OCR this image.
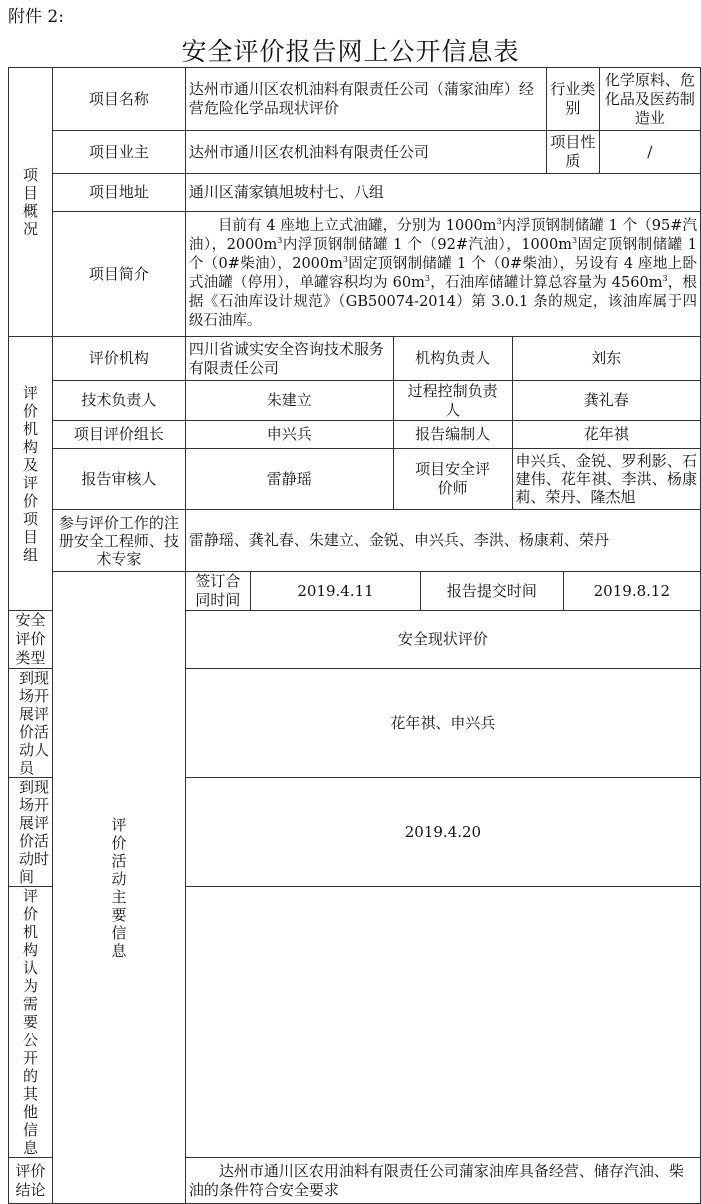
附件 2:
安全评价报告网上公开信息表
项目概况	项目名称	达州市通川区农机油料有限责任公司（蒲家油库）经营危险化学品现状评价					行业类别		化学原料、危化品及医药制造业
	项目业主	达州市通川区农机油料有限责任公司					项目性质		/
	项目地址	通川区蒲家镇旭坡村七、八组							
	项目简介	目前有 4 座地上立式油罐，分别为 $1000m^3$内浮顶钢制储罐 1 个（95#汽油），$2000m^3$内浮顶钢制储罐 1 个（92#汽油），$1000m^3$固定顶钢制储罐 1 个（0#柴油），$2000m^3$固定顶钢制储罐 1 个（0#柴油），另设有 4 座地上卧式油罐（停用），单罐容积均为 $60m^3$，石油库储罐计算总容量为 $4560m^3$，根据《石油库设计规范》（GB50074-2014）第 3.0.1 条的规定，该油库属于四级石油库。							

评价机构及评价项目组	评价机构	四川省诚实安全咨询技术服务有限责任公司		机构负责人		刘东			
	技术负责人	朱建立		过程控制负责人		龚礼春			
	项目评价组长	申兴兵		报告编制人		花年祺			
	报告审核人	雷静瑶		项目安全评价师		申兴兵、金锐、罗利影、石建伟、花年祺、李洪、杨康莉、荣丹、隆杰旭			
	参与评价工作的注册安全工程师、技术专家	雷静瑶、龚礼春、朱建立、金锐、申兴兵、李洪、杨康莉、荣丹							

	评价活动主要信息	签订合同时间	2019.4.11		报告提交时间			2019.8.12	
安全评价类型		安全现状评价							
到现场开展评价活动人员		花年祺、申兴兵							
到现场开展评价活动时间		2019.4.20							
评价机构认为需要公开的其他信息									
评价结论		达州市通川区农用油料有限责任公司蒲家油库具备经营、储存汽油、柴油的条件符合安全要求							
